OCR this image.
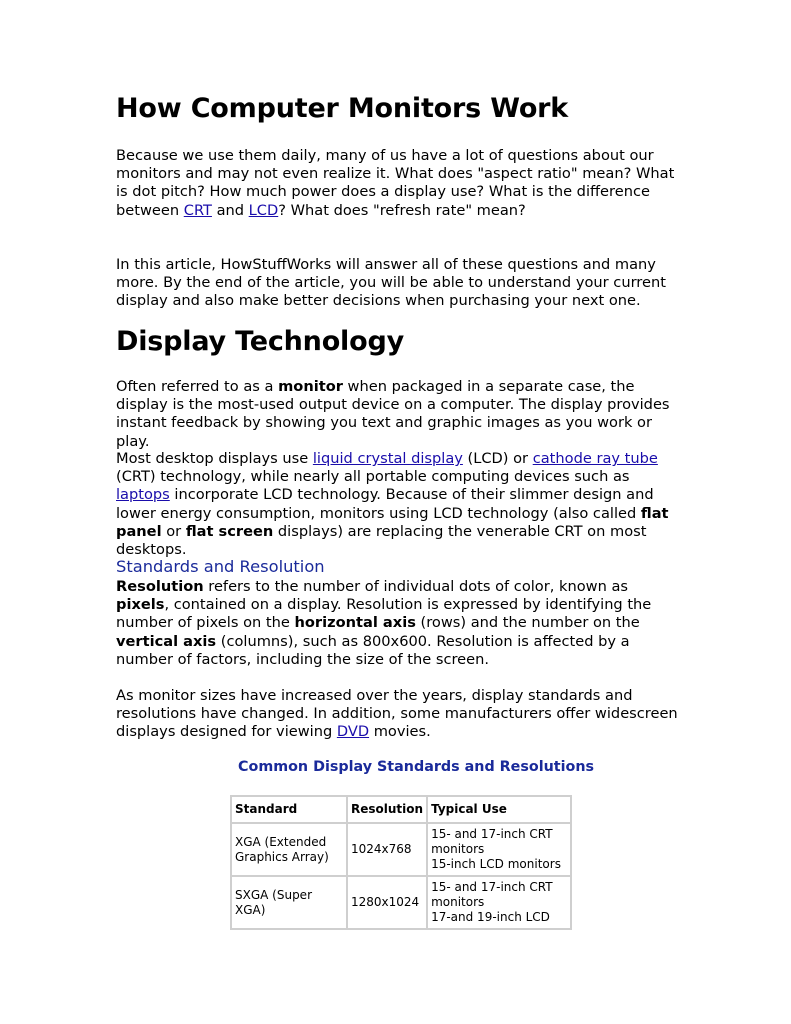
How Computer Monitors Work

Because we use them daily, many of us have a lot of questions about our monitors and may not even realize it. What does "aspect ratio" mean? What is dot pitch? How much power does a display use? What is the difference between CRT and LCD? What does "refresh rate" mean?

In this article, HowStuffWorks will answer all of these questions and many more. By the end of the article, you will be able to understand your current display and also make better decisions when purchasing your next one.

Display Technology

Often referred to as a monitor when packaged in a separate case, the display is the most-used output device on a computer. The display provides instant feedback by showing you text and graphic images as you work or play.

Most desktop displays use liquid crystal display (LCD) or cathode ray tube (CRT) technology, while nearly all portable computing devices such as laptops incorporate LCD technology. Because of their slimmer design and lower energy consumption, monitors using LCD technology (also called flat panel or flat screen displays) are replacing the venerable CRT on most desktops.

Standards and Resolution

Resolution refers to the number of individual dots of color, known as pixels, contained on a display. Resolution is expressed by identifying the number of pixels on the horizontal axis (rows) and the number on the vertical axis (columns), such as 800x600. Resolution is affected by a number of factors, including the size of the screen.

As monitor sizes have increased over the years, display standards and resolutions have changed. In addition, some manufacturers offer widescreen displays designed for viewing DVD movies.

Common Display Standards and Resolutions
Standard	Resolution	Typical Use
XGA (Extended Graphics Array)	1024x768	15- and 17-inch CRT monitors
15-inch LCD monitors

SXGA (Super XGA)	1280x1024	15- and 17-inch CRT monitors
17-and 19-inch LCD
